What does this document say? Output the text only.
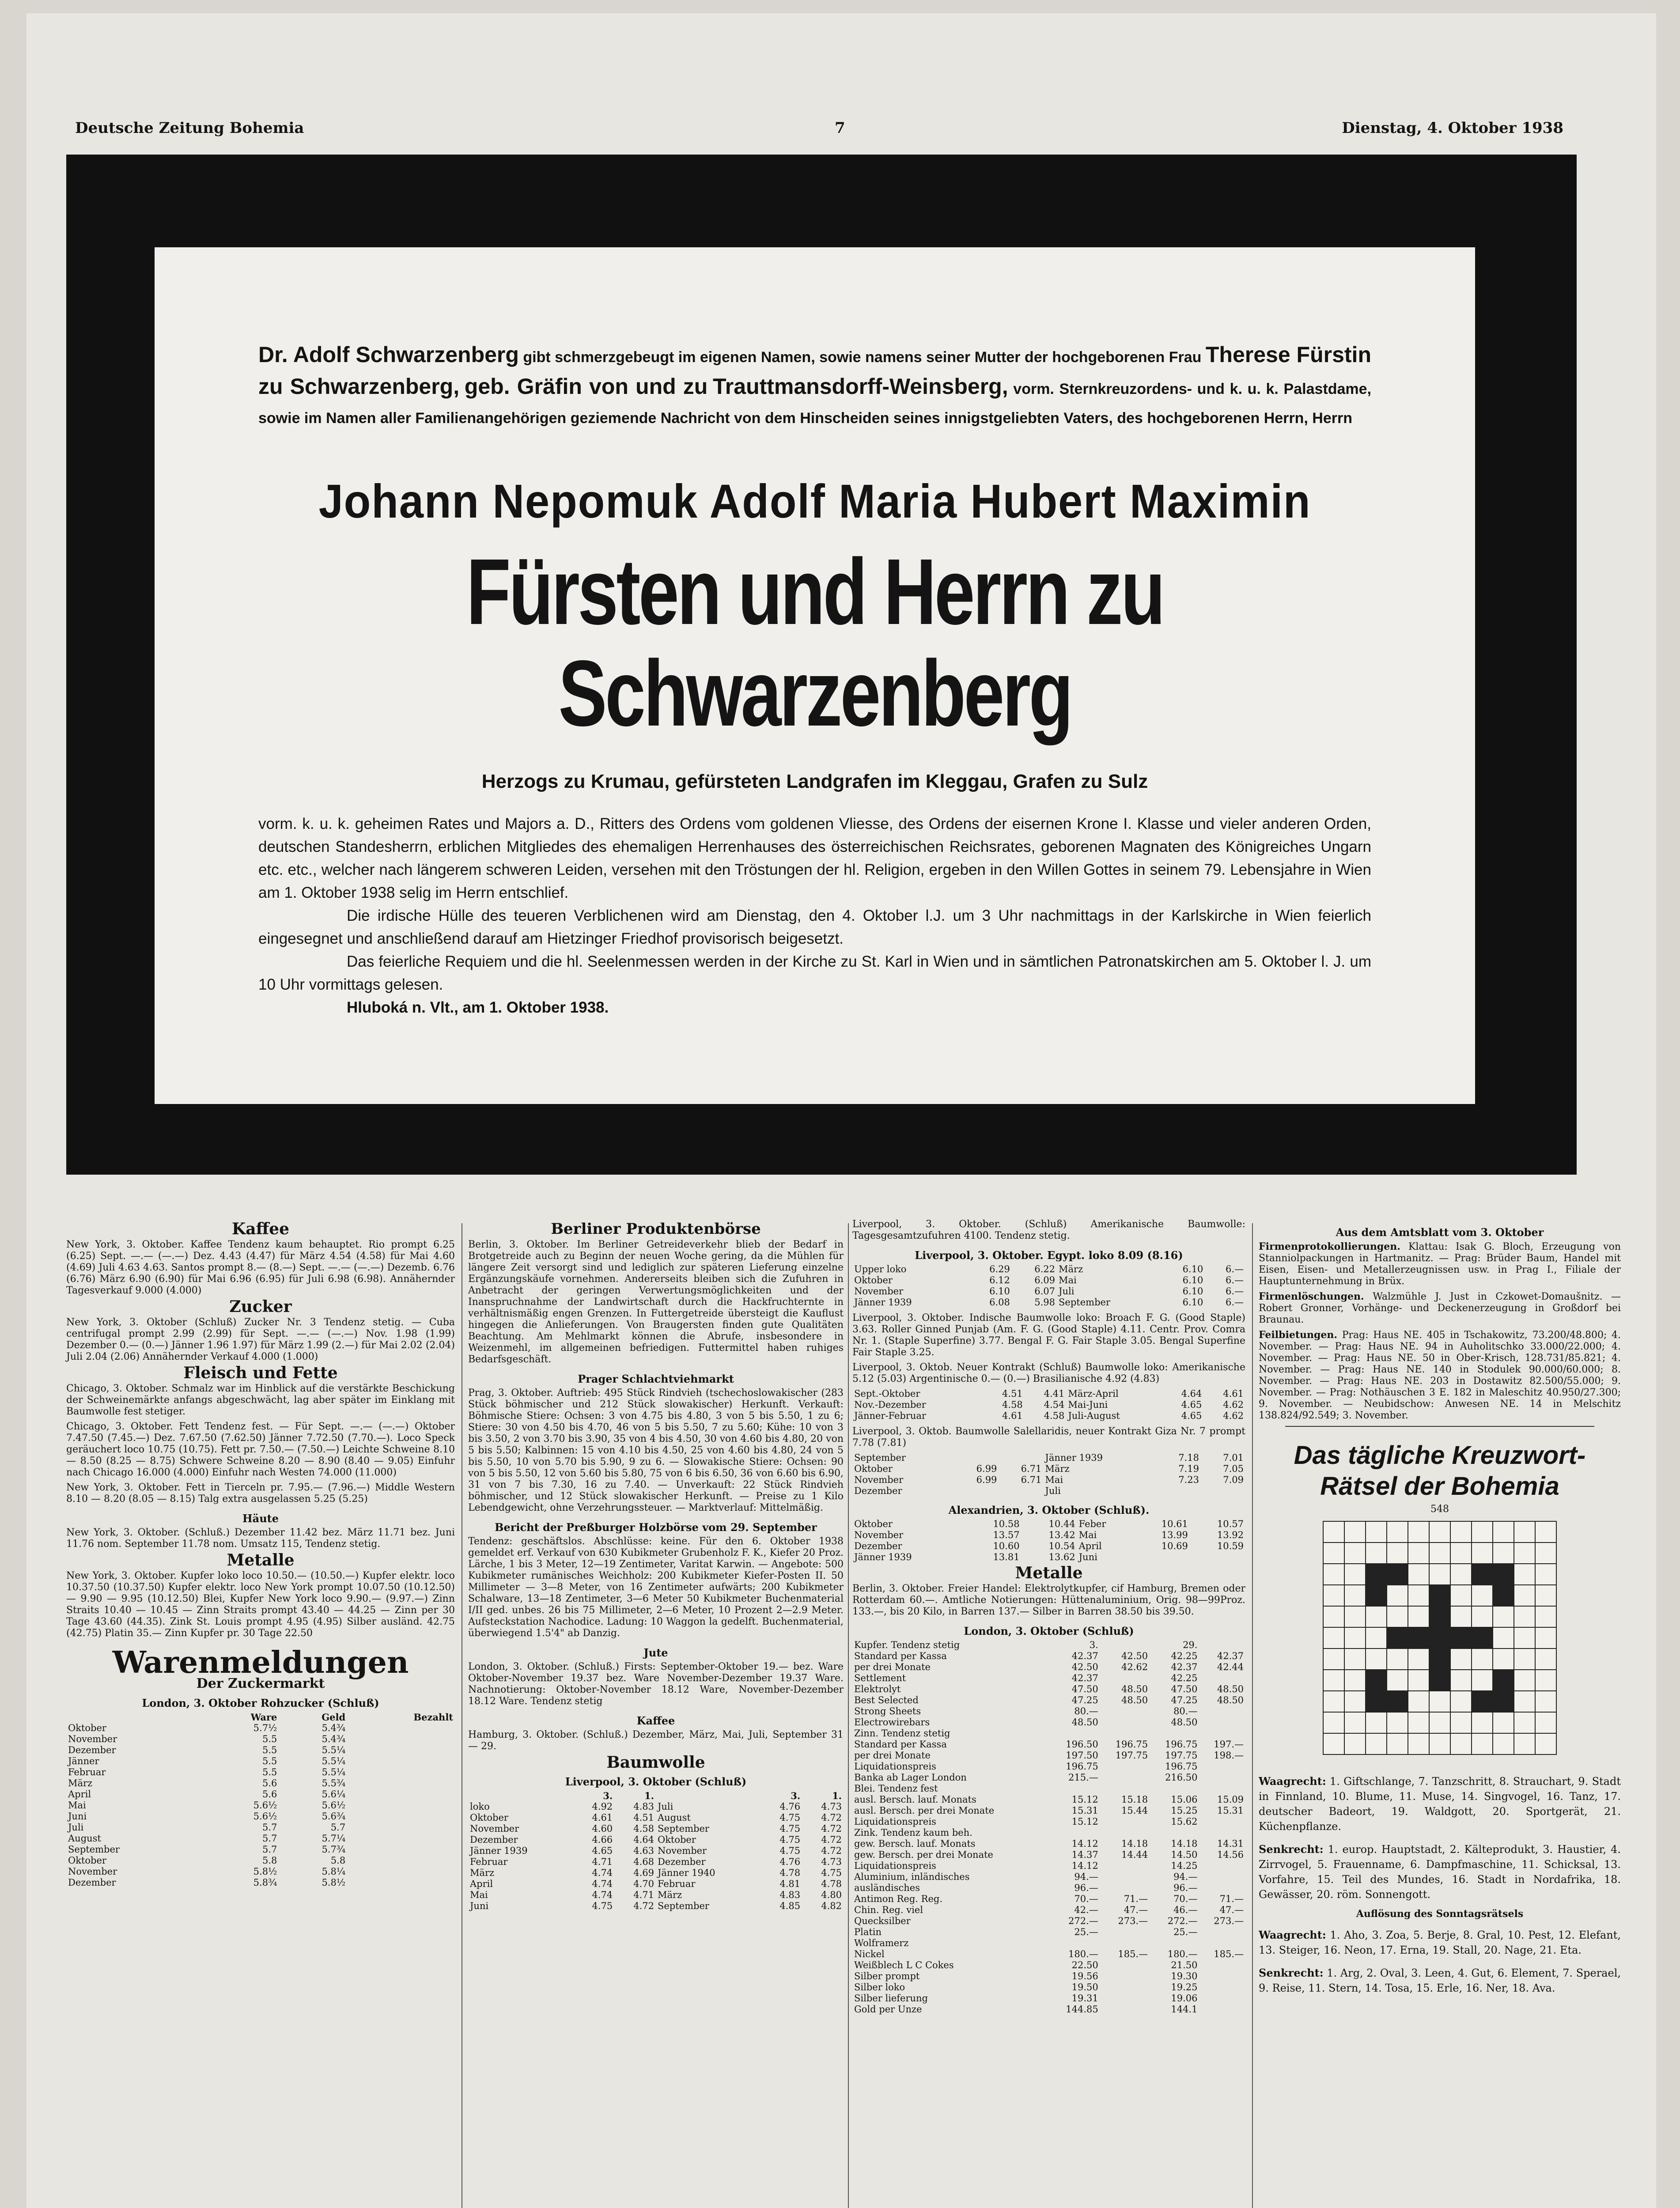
Deutsche Zeitung Bohemia	7	Dienstag, 4. Oktober 1938
Dr. Adolf Schwarzenberg gibt schmerzgebeugt im eigenen Namen, sowie namens seiner Mutter der hochgeborenen Frau Therese Fürstin zu Schwarzenberg, geb. Gräfin von und zu Trauttmansdorff-Weinsberg, vorm. Sternkreuzordens- und k. u. k. Palastdame, sowie im Namen aller Familienangehörigen geziemende Nachricht von dem Hinscheiden seines innigstgeliebten Vaters, des hochgeborenen Herrn, Herrn
Johann Nepomuk Adolf Maria Hubert Maximin
Fürsten und Herrn zu Schwarzenberg
Herzogs zu Krumau, gefürsteten Landgrafen im Kleggau, Grafen zu Sulz

vorm. k. u. k. geheimen Rates und Majors a. D., Ritters des Ordens vom goldenen Vliesse, des Ordens der eisernen Krone I. Klasse und vieler anderen Orden, deutschen Standesherrn, erblichen Mitgliedes des ehemaligen Herrenhauses des österreichischen Reichsrates, geborenen Magnaten des Königreiches Ungarn etc. etc., welcher nach längerem schweren Leiden, versehen mit den Tröstungen der hl. Religion, ergeben in den Willen Gottes in seinem 79. Lebensjahre in Wien am 1. Oktober 1938 selig im Herrn entschlief.

Die irdische Hülle des teueren Verblichenen wird am Dienstag, den 4. Oktober l.J. um 3 Uhr nachmittags in der Karlskirche in Wien feierlich eingesegnet und anschließend darauf am Hietzinger Friedhof provisorisch beigesetzt.

Das feierliche Requiem und die hl. Seelenmessen werden in der Kirche zu St. Karl in Wien und in sämtlichen Patronatskirchen am 5. Oktober l. J. um 10 Uhr vormittags gelesen.

Hluboká n. Vlt., am 1. Oktober 1938.

Kaffee
New York, 3. Oktober. Kaffee Tendenz kaum behauptet. Rio prompt 6.25 (6.25) Sept. —.— (—.—) Dez. 4.43 (4.47) für März 4.54 (4.58) für Mai 4.60 (4.69) Juli 4.63 4.63. Santos prompt 8.— (8.—) Sept. —.— (—.—) Dezemb. 6.76 (6.76) März 6.90 (6.90) für Mai 6.96 (6.95) für Juli 6.98 (6.98). Annähernder Tagesverkauf 9.000 (4.000)
Zucker
New York, 3. Oktober (Schluß) Zucker Nr. 3 Tendenz stetig. — Cuba centrifugal prompt 2.99 (2.99) für Sept. —.— (—.—) Nov. 1.98 (1.99) Dezember 0.— (0.—) Jänner 1.96 1.97) für März 1.99 (2.—) für Mai 2.02 (2.04) Juli 2.04 (2.06) Annähernder Verkauf 4.000 (1.000)
Fleisch und Fette
Chicago, 3. Oktober. Schmalz war im Hinblick auf die verstärkte Beschickung der Schweinemärkte anfangs abgeschwächt, lag aber später im Einklang mit Baumwolle fest stetiger.
Chicago, 3. Oktober. Fett Tendenz fest. — Für Sept. —.— (—.—) Oktober 7.47.50 (7.45.—) Dez. 7.67.50 (7.62.50) Jänner 7.72.50 (7.70.—). Loco Speck geräuchert loco 10.75 (10.75). Fett pr. 7.50.— (7.50.—) Leichte Schweine 8.10 — 8.50 (8.25 — 8.75) Schwere Schweine 8.20 — 8.90 (8.40 — 9.05) Einfuhr nach Chicago 16.000 (4.000) Einfuhr nach Westen 74.000 (11.000)
New York, 3. Oktober. Fett in Tierceln pr. 7.95.— (7.96.—) Middle Western 8.10 — 8.20 (8.05 — 8.15) Talg extra ausgelassen 5.25 (5.25)
Häute
New York, 3. Oktober. (Schluß.) Dezember 11.42 bez. März 11.71 bez. Juni 11.76 nom. September 11.78 nom. Umsatz 115, Tendenz stetig.
Metalle
New York, 3. Oktober. Kupfer loko loco 10.50.— (10.50.—) Kupfer elektr. loco 10.37.50 (10.37.50) Kupfer elektr. loco New York prompt 10.07.50 (10.12.50) — 9.90 — 9.95 (10.12.50) Blei, Kupfer New York loco 9.90.— (9.97.—) Zinn Straits 10.40 — 10.45 — Zinn Straits prompt 43.40 — 44.25 — Zinn per 30 Tage 43.60 (44.35). Zink St. Louis prompt 4.95 (4.95) Silber ausländ. 42.75 (42.75) Platin 35.— Zinn Kupfer pr. 30 Tage 22.50
Warenmeldungen
Der Zuckermarkt
London, 3. Oktober Rohzucker (Schluß)
	Ware	Geld	Bezahlt
Oktober	5.7½	5.4¾	
November	5.5	5.4¾	
Dezember	5.5	5.5¼	
Jänner	5.5	5.5¼	
Februar	5.5	5.5¼	
März	5.6	5.5¾	
April	5.6	5.6¼	
Mai	5.6½	5.6½	
Juni	5.6½	5.6¾	
Juli	5.7	5.7	
August	5.7	5.7¼	
September	5.7	5.7¾	
Oktober	5.8	5.8	
November	5.8½	5.8¼	
Dezember	5.8¾	5.8½	
Berliner Produktenbörse
Berlin, 3. Oktober. Im Berliner Getreideverkehr blieb der Bedarf in Brotgetreide auch zu Beginn der neuen Woche gering, da die Mühlen für längere Zeit versorgt sind und lediglich zur späteren Lieferung einzelne Ergänzungskäufe vornehmen. Andererseits bleiben sich die Zufuhren in Anbetracht der geringen Verwertungsmöglichkeiten und der Inanspruchnahme der Landwirtschaft durch die Hackfruchternte in verhältnismäßig engen Grenzen. In Futtergetreide übersteigt die Kauflust hingegen die Anlieferungen. Von Braugersten finden gute Qualitäten Beachtung. Am Mehlmarkt können die Abrufe, insbesondere in Weizenmehl, im allgemeinen befriedigen. Futtermittel haben ruhiges Bedarfsgeschäft.
Prager Schlachtviehmarkt
Prag, 3. Oktober. Auftrieb: 495 Stück Rindvieh (tschechoslowakischer (283 Stück böhmischer und 212 Stück slowakischer) Herkunft. Verkauft: Böhmische Stiere: Ochsen: 3 von 4.75 bis 4.80, 3 von 5 bis 5.50, 1 zu 6; Stiere: 30 von 4.50 bis 4.70, 46 von 5 bis 5.50, 7 zu 5.60; Kühe: 10 von 3 bis 3.50, 2 von 3.70 bis 3.90, 35 von 4 bis 4.50, 30 von 4.60 bis 4.80, 20 von 5 bis 5.50; Kalbinnen: 15 von 4.10 bis 4.50, 25 von 4.60 bis 4.80, 24 von 5 bis 5.50, 10 von 5.70 bis 5.90, 9 zu 6. — Slowakische Stiere: Ochsen: 90 von 5 bis 5.50, 12 von 5.60 bis 5.80, 75 von 6 bis 6.50, 36 von 6.60 bis 6.90, 31 von 7 bis 7.30, 16 zu 7.40. — Unverkauft: 22 Stück Rindvieh böhmischer, und 12 Stück slowakischer Herkunft. — Preise zu 1 Kilo Lebendgewicht, ohne Verzehrungssteuer. — Marktverlauf: Mittelmäßig.
Bericht der Preßburger Holzbörse vom 29. September
Tendenz: geschäftslos. Abschlüsse: keine. Für den 6. Oktober 1938 gemeldet erf. Verkauf von 630 Kubikmeter Grubenholz F. K., Kiefer 20 Proz. Lärche, 1 bis 3 Meter, 12—19 Zentimeter, Varitat Karwin. — Angebote: 500 Kubikmeter rumänisches Weichholz: 200 Kubikmeter Kiefer-Posten II. 50 Millimeter — 3—8 Meter, von 16 Zentimeter aufwärts; 200 Kubikmeter Schalware, 13—18 Zentimeter, 3—6 Meter 50 Kubikmeter Buchenmaterial I/II ged. unbes. 26 bis 75 Millimeter, 2—6 Meter, 10 Prozent 2—2.9 Meter. Aufsteckstation Nachodice. Ladung: 10 Waggon la gedelft. Buchenmaterial, überwiegend 1.5'4" ab Danzig.
Jute
London, 3. Oktober. (Schluß.) Firsts: September-Oktober 19.— bez. Ware Oktober-November 19.37 bez. Ware November-Dezember 19.37 Ware. Nachnotierung: Oktober-November 18.12 Ware, November-Dezember 18.12 Ware. Tendenz stetig
Kaffee
Hamburg, 3. Oktober. (Schluß.) Dezember, März, Mai, Juli, September 31 — 29.
Baumwolle
Liverpool, 3. Oktober (Schluß)
	3.	1.		3.	1.
loko	4.92	4.83	Juli	4.76	4.73
Oktober	4.61	4.51	August	4.75	4.72
November	4.60	4.58	September	4.75	4.72
Dezember	4.66	4.64	Oktober	4.75	4.72
Jänner 1939	4.65	4.63	November	4.75	4.72
Februar	4.71	4.68	Dezember	4.76	4.73
März	4.74	4.69	Jänner 1940	4.78	4.75
April	4.74	4.70	Februar	4.81	4.78
Mai	4.74	4.71	März	4.83	4.80
Juni	4.75	4.72	September	4.85	4.82
Liverpool, 3. Oktober. (Schluß) Amerikanische Baumwolle: Tagesgesamtzufuhren 4100. Tendenz stetig.
Liverpool, 3. Oktober. Egypt. loko 8.09 (8.16)
Upper loko	6.29	6.22	März	6.10	6.—
Oktober	6.12	6.09	Mai	6.10	6.—
November	6.10	6.07	Juli	6.10	6.—
Jänner 1939	6.08	5.98	September	6.10	6.—
Liverpool, 3. Oktober. Indische Baumwolle loko: Broach F. G. (Good Staple) 3.63. Roller Ginned Punjab (Am. F. G. (Good Staple) 4.11. Centr. Prov. Comra Nr. 1. (Staple Superfine) 3.77. Bengal F. G. Fair Staple 3.05. Bengal Superfine Fair Staple 3.25.
Liverpool, 3. Oktob. Neuer Kontrakt (Schluß) Baumwolle loko: Amerikanische 5.12 (5.03) Argentinische 0.— (0.—) Brasilianische 4.92 (4.83)
Sept.-Oktober	4.51	4.41	März-April	4.64	4.61
Nov.-Dezember	4.58	4.54	Mai-Juni	4.65	4.62
Jänner-Februar	4.61	4.58	Juli-August	4.65	4.62
Liverpool, 3. Oktob. Baumwolle Salellaridis, neuer Kontrakt Giza Nr. 7 prompt 7.78 (7.81)
September			Jänner 1939	7.18	7.01
Oktober	6.99	6.71	März	7.19	7.05
November	6.99	6.71	Mai	7.23	7.09
Dezember			Juli		
Alexandrien, 3. Oktober (Schluß).
Oktober	10.58	10.44	Feber	10.61	10.57
November	13.57	13.42	Mai	13.99	13.92
Dezember	10.60	10.54	April	10.69	10.59
Jänner 1939	13.81	13.62	Juni		
Metalle
Berlin, 3. Oktober. Freier Handel: Elektrolytkupfer, cif Hamburg, Bremen oder Rotterdam 60.—. Amtliche Notierungen: Hüttenaluminium, Orig. 98—99Proz. 133.—, bis 20 Kilo, in Barren 137.— Silber in Barren 38.50 bis 39.50.
London, 3. Oktober (Schluß)
Kupfer. Tendenz stetig	3.		29.	
Standard per Kassa	42.37	42.50	42.25	42.37
per drei Monate	42.50	42.62	42.37	42.44
Settlement	42.37		42.25	
Elektrolyt	47.50	48.50	47.50	48.50
Best Selected	47.25	48.50	47.25	48.50
Strong Sheets	80.—		80.—	
Electrowirebars	48.50		48.50	
Zinn. Tendenz stetig				
Standard per Kassa	196.50	196.75	196.75	197.—
per drei Monate	197.50	197.75	197.75	198.—
Liquidationspreis	196.75		196.75	
Banka ab Lager London	215.—		216.50	
Blei. Tendenz fest				
ausl. Bersch. lauf. Monats	15.12	15.18	15.06	15.09
ausl. Bersch. per drei Monate	15.31	15.44	15.25	15.31
Liquidationspreis	15.12		15.62	
Zink. Tendenz kaum beh.				
gew. Bersch. lauf. Monats	14.12	14.18	14.18	14.31
gew. Bersch. per drei Monate	14.37	14.44	14.50	14.56
Liquidationspreis	14.12		14.25	
Aluminium, inländisches	94.—		94.—	
ausländisches	96.—		96.—	
Antimon Reg. Reg.	70.—	71.—	70.—	71.—
Chin. Reg. viel	42.—	47.—	46.—	47.—
Quecksilber	272.—	273.—	272.—	273.—
Platin	25.—		25.—	
Wolframerz				
Nickel	180.—	185.—	180.—	185.—
Weißblech L C Cokes	22.50		21.50	
Silber prompt	19.56		19.30	
Silber loko	19.50		19.25	
Silber lieferung	19.31		19.06	
Gold per Unze	144.85		144.1	
Aus dem Amtsblatt vom 3. Oktober
Firmenprotokollierungen. Klattau: Isak G. Bloch, Erzeugung von Stanniolpackungen in Hartmanitz. — Prag: Brüder Baum, Handel mit Eisen, Eisen- und Metallerzeugnissen usw. in Prag I., Filiale der Hauptunternehmung in Brüx.
Firmenlöschungen. Walzmühle J. Just in Czkowet-Domaušnitz. — Robert Gronner, Vorhänge- und Deckenerzeugung in Großdorf bei Braunau.
Feilbietungen. Prag: Haus NE. 405 in Tschakowitz, 73.200/48.800; 4. November. — Prag: Haus NE. 94 in Auholitschko 33.000/22.000; 4. November. — Prag: Haus NE. 50 in Ober-Krisch, 128.731/85.821; 4. November. — Prag: Haus NE. 140 in Stodulek 90.000/60.000; 8. November. — Prag: Haus NE. 203 in Dostawitz 82.500/55.000; 9. November. — Prag: Nothäuschen 3 E. 182 in Maleschitz 40.950/27.300; 9. November. — Neubidschow: Anwesen NE. 14 in Melschitz 138.824/92.549; 3. November.
Das tägliche Kreuzwort-Rätsel der Bohemia
548
Waagrecht: 1. Giftschlange, 7. Tanzschritt, 8. Strauchart, 9. Stadt in Finnland, 10. Blume, 11. Muse, 14. Singvogel, 16. Tanz, 17. deutscher Badeort, 19. Waldgott, 20. Sportgerät, 21. Küchenpflanze.
Senkrecht: 1. europ. Hauptstadt, 2. Kälteprodukt, 3. Haustier, 4. Zirrvogel, 5. Frauenname, 6. Dampfmaschine, 11. Schicksal, 13. Vorfahre, 15. Teil des Mundes, 16. Stadt in Nordafrika, 18. Gewässer, 20. röm. Sonnengott.
Auflösung des Sonntagsrätsels
Waagrecht: 1. Aho, 3. Zoa, 5. Berje, 8. Gral, 10. Pest, 12. Elefant, 13. Steiger, 16. Neon, 17. Erna, 19. Stall, 20. Nage, 21. Eta.
Senkrecht: 1. Arg, 2. Oval, 3. Leen, 4. Gut, 6. Element, 7. Sperael, 9. Reise, 11. Stern, 14. Tosa, 15. Erle, 16. Ner, 18. Ava.
